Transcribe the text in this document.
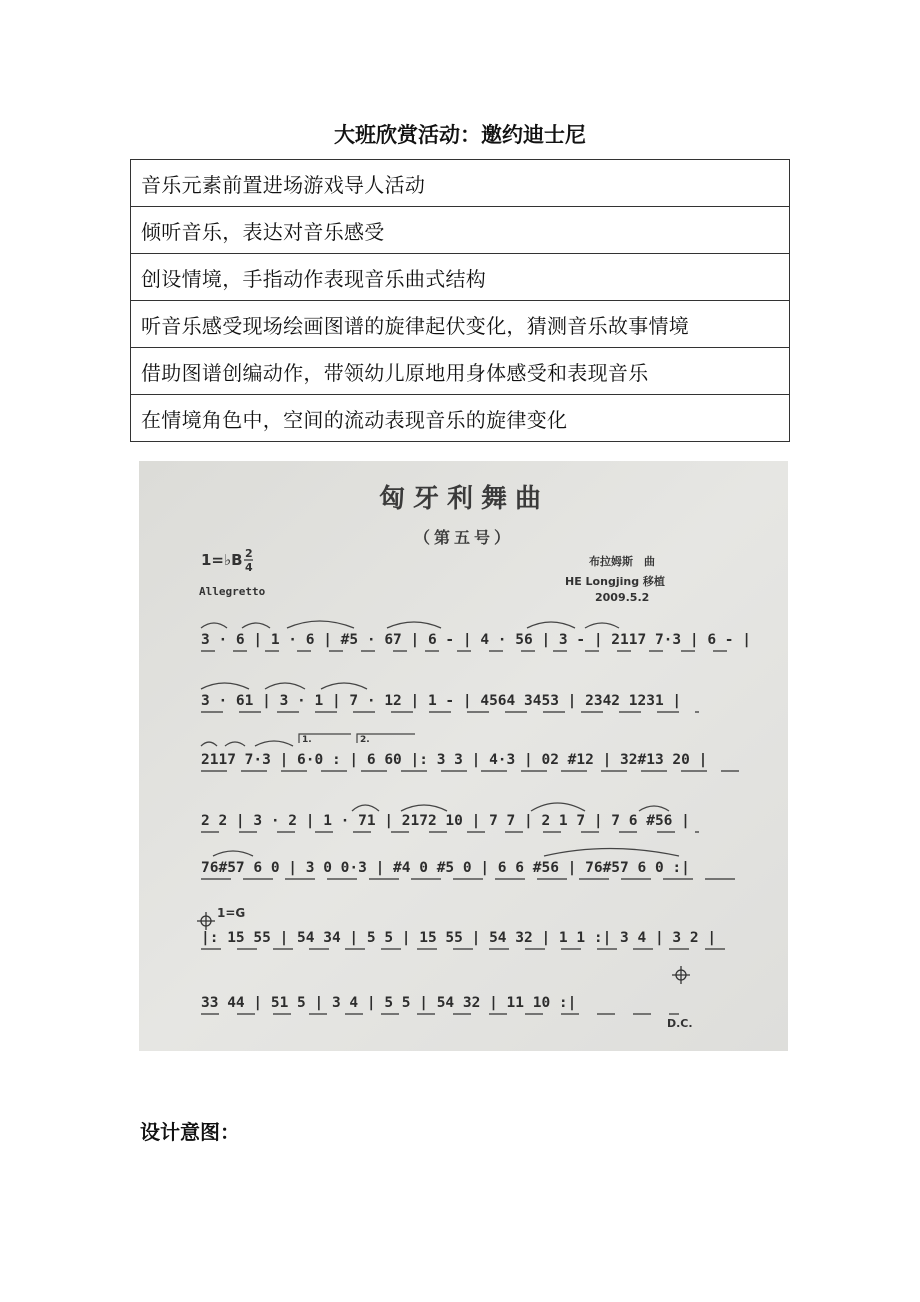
大班欣赏活动：邀约迪士尼
音乐元素前置进场游戏导人活动
倾听音乐，表达对音乐感受
创设情境，手指动作表现音乐曲式结构
听音乐感受现场绘画图谱的旋律起伏变化，猜测音乐故事情境
借助图谱创编动作，带领幼儿原地用身体感受和表现音乐
在情境角色中，空间的流动表现音乐的旋律变化
匈牙利舞曲
（第五号）
1=♭B 2
4
Allegretto
布拉姆斯　曲
HE Longjing 移植
2009.5.2
1.	2.
1=G
3 · 6 | 1 · 6 | #5 · 67 | 6 - | 4 · 56 | 3 - | 2117 7·3 | 6 - |
3 · 61 | 3 · 1 | 7 · 12 | 1 - | 4564 3453 | 2342 1231 |
2117 7·3 | 6·0 : | 6 60 |: 3 3 | 4·3 | 02 #12 | 32#13 20 |
2 2 | 3 · 2 | 1 · 71 | 2172 10 | 7 7 | 2 1 7 | 7 6 #56 |
76#57 6 0 | 3 0 0·3 | #4 0 #5 0 | 6 6 #56 | 76#57 6 0 :|
|: 15 55 | 54 34 | 5 5 | 15 55 | 54 32 | 1 1 :| 3 4 | 3 2 |
33 44 | 51 5 | 3 4 | 5 5 | 54 32 | 11 10 :|
D.C.
设计意图：
